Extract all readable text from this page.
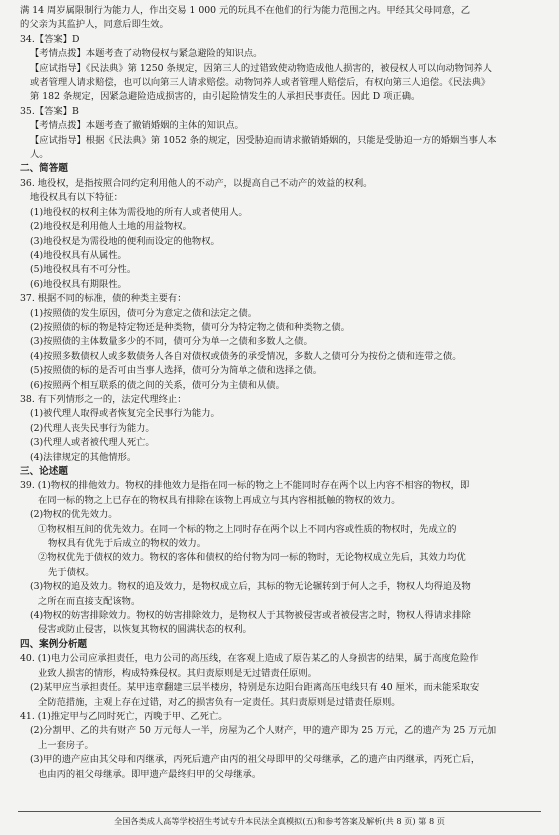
满 14 周岁属限制行为能力人，作出交易 1 000 元的玩具不在他们的行为能力范围之内。甲经其父母同意，乙

的父亲为其监护人，同意后即生效。

34.【答案】D

【考情点拨】本题考查了动物侵权与紧急避险的知识点。

【应试指导】《民法典》第 1250 条规定，因第三人的过错致使动物造成他人损害的，被侵权人可以向动物饲养人

或者管理人请求赔偿，也可以向第三人请求赔偿。动物饲养人或者管理人赔偿后，有权向第三人追偿。《民法典》

第 182 条规定，因紧急避险造成损害的，由引起险情发生的人承担民事责任。因此 D 项正确。

35.【答案】B

【考情点拨】本题考查了撤销婚姻的主体的知识点。

【应试指导】根据《民法典》第 1052 条的规定，因受胁迫而请求撤销婚姻的，只能是受胁迫一方的婚姻当事人本

人。

二、简答题

36. 地役权，是指按照合同约定利用他人的不动产，以提高自己不动产的效益的权利。

地役权具有以下特征：

(1)地役权的权利主体为需役地的所有人或者使用人。

(2)地役权是利用他人土地的用益物权。

(3)地役权是为需役地的便利而设定的他物权。

(4)地役权具有从属性。

(5)地役权具有不可分性。

(6)地役权具有期限性。

37. 根据不同的标准，债的种类主要有：

(1)按照债的发生原因，债可分为意定之债和法定之债。

(2)按照债的标的物是特定物还是种类物，债可分为特定物之债和种类物之债。

(3)按照债的主体数量多少的不同，债可分为单一之债和多数人之债。

(4)按照多数债权人或多数债务人各自对债权或债务的承受情况，多数人之债可分为按份之债和连带之债。

(5)按照债的标的是否可由当事人选择，债可分为简单之债和选择之债。

(6)按照两个相互联系的债之间的关系，债可分为主债和从债。

38. 有下列情形之一的，法定代理终止：

(1)被代理人取得或者恢复完全民事行为能力。

(2)代理人丧失民事行为能力。

(3)代理人或者被代理人死亡。

(4)法律规定的其他情形。

三、论述题

39. (1)物权的排他效力。物权的排他效力是指在同一标的物之上不能同时存在两个以上内容不相容的物权，即

在同一标的物之上已存在的物权具有排除在该物上再成立与其内容相抵触的物权的效力。

(2)物权的优先效力。

①物权相互间的优先效力。在同一个标的物之上同时存在两个以上不同内容或性质的物权时，先成立的

物权具有优先于后成立的物权的效力。

②物权优先于债权的效力。物权的客体和债权的给付物为同一标的物时，无论物权成立先后，其效力均优

先于债权。

(3)物权的追及效力。物权的追及效力，是物权成立后，其标的物无论辗转到于何人之手，物权人均得追及物

之所在而直接支配该物。

(4)物权的妨害排除效力。物权的妨害排除效力，是物权人于其物被侵害或者被侵害之时，物权人得请求排除

侵害或防止侵害，以恢复其物权的圆满状态的权利。

四、案例分析题

40. (1)电力公司应承担责任，电力公司的高压线，在客观上造成了原告某乙的人身损害的结果，属于高度危险作

业致人损害的情形，构成特殊侵权。其归责原则是无过错责任原则。

(2)某甲应当承担责任。某甲违章翻建三层半楼房，特别是东边阳台距离高压电线只有 40 厘米，而未能采取安

全防范措施，主观上存在过错，对乙的损害负有一定责任。其归责原则是过错责任原则。

41. (1)推定甲与乙同时死亡，丙晚于甲、乙死亡。

(2)分割甲、乙的共有财产 50 万元每人一半，房屋为乙个人财产，甲的遗产即为 25 万元，乙的遗产为 25 万元加

上一套房子。

(3)甲的遗产应由其父母和丙继承，丙死后遗产由丙的祖父母即甲的父母继承，乙的遗产由丙继承，丙死亡后，

也由丙的祖父母继承。即甲遗产最终归甲的父母继承。

全国各类成人高等学校招生考试专升本民法全真模拟(五)和参考答案及解析(共 8 页) 第 8 页
